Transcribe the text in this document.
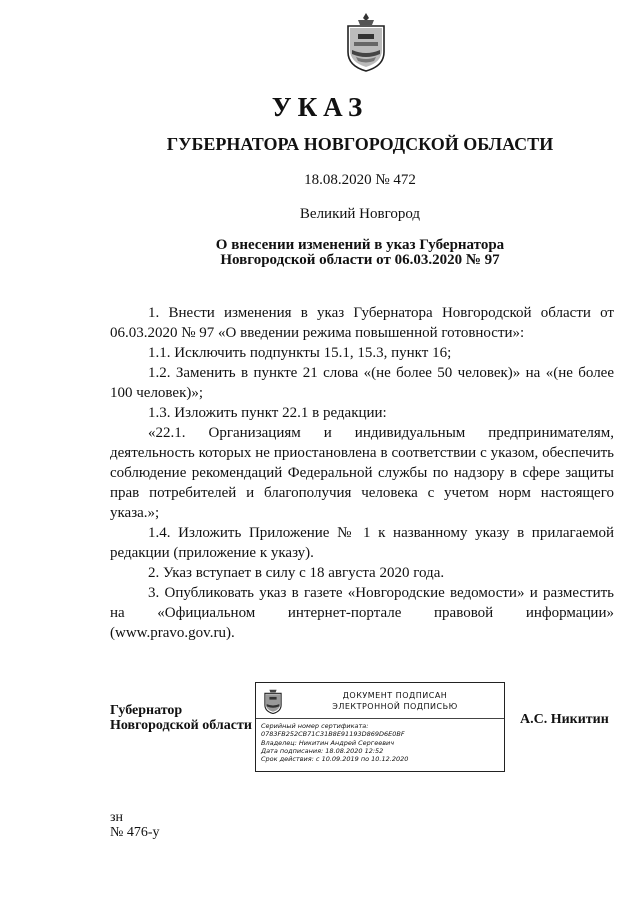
УКАЗ
ГУБЕРНАТОРА НОВГОРОДСКОЙ ОБЛАСТИ
18.08.2020 № 472
Великий Новгород
О внесении изменений в указ Губернатора
Новгородской области от 06.03.2020 № 97

1. Внести изменения в указ Губернатора Новгородской области от 06.03.2020 № 97 «О введении режима повышенной готовности»:

1.1. Исключить подпункты 15.1, 15.3, пункт 16;

1.2. Заменить в пункте 21 слова «(не более 50 человек)» на «(не более 100 человек)»;

1.3. Изложить пункт 22.1 в редакции:

«22.1. Организациям и индивидуальным предпринимателям, деятельность которых не приостановлена в соответствии с указом, обеспечить соблюдение рекомендаций Федеральной службы по надзору в сфере защиты прав потребителей и благополучия человека с учетом норм настоящего указа.»;

1.4. Изложить Приложение № 1 к названному указу в прилагаемой редакции (приложение к указу).

2. Указ вступает в силу с 18 августа 2020 года.

3. Опубликовать указ в газете «Новгородские ведомости» и разместить на «Официальном интернет-портале правовой информации» (www.pravo.gov.ru).

Губернатор
Новгородской области
ДОКУМЕНТ ПОДПИСАН
ЭЛЕКТРОННОЙ ПОДПИСЬЮ
Серийный номер сертификата:
0783FB252CB71C31B8E91193D869D6E0BF
Владелец: Никитин Андрей Сергеевич
Дата подписания: 18.08.2020 12:52
Срок действия: с 10.09.2019 по 10.12.2020
А.С. Никитин
зн
№ 476-у
